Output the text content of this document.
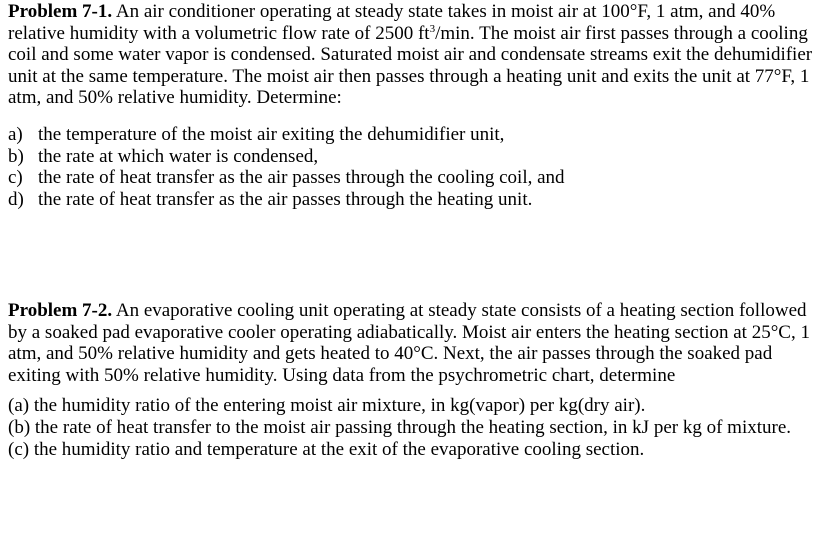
Problem 7-1. An air conditioner operating at steady state takes in moist air at 100°F, 1 atm, and 40% relative humidity with a volumetric flow rate of 2500 $ft^3/\min$. The moist air first passes through a cooling coil and some water vapor is condensed. Saturated moist air and condensate streams exit the dehumidifier unit at the same temperature. The moist air then passes through a heating unit and exits the unit at 77°F, 1 atm, and 50% relative humidity. Determine:

a) the temperature of the moist air exiting the dehumidifier unit,
b) the rate at which water is condensed,
c) the rate of heat transfer as the air passes through the cooling coil, and
d) the rate of heat transfer as the air passes through the heating unit.

Problem 7-2. An evaporative cooling unit operating at steady state consists of a heating section followed by a soaked pad evaporative cooler operating adiabatically. Moist air enters the heating section at 25°C, 1 atm, and 50% relative humidity and gets heated to 40°C. Next, the air passes through the soaked pad exiting with 50% relative humidity. Using data from the psychrometric chart, determine

(a) the humidity ratio of the entering moist air mixture, in kg(vapor) per kg(dry air).
(b) the rate of heat transfer to the moist air passing through the heating section, in kJ per kg of mixture.
(c) the humidity ratio and temperature at the exit of the evaporative cooling section.
